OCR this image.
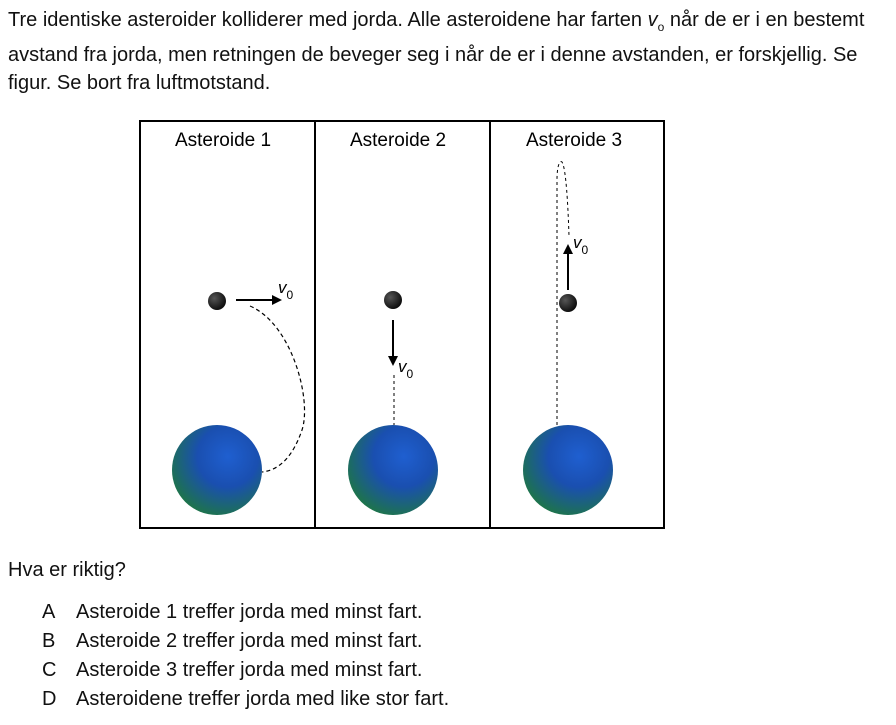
Tre identiske asteroider kolliderer med jorda. Alle asteroidene har farten $v_o$ når de er i en bestemt avstand fra jorda, men retningen de beveger seg i når de er i denne avstanden, er forskjellig. Se figur. Se bort fra luftmotstand.

Asteroide 1	Asteroide 2	Asteroide 3
$v_0$
$v_0$
$v_0$

Hva er riktig?

A	Asteroide 1 treffer jorda med minst fart.
B	Asteroide 2 treffer jorda med minst fart.
C Asteroide 3 treffer jorda med minst fart.
D Asteroidene treffer jorda med like stor fart.
